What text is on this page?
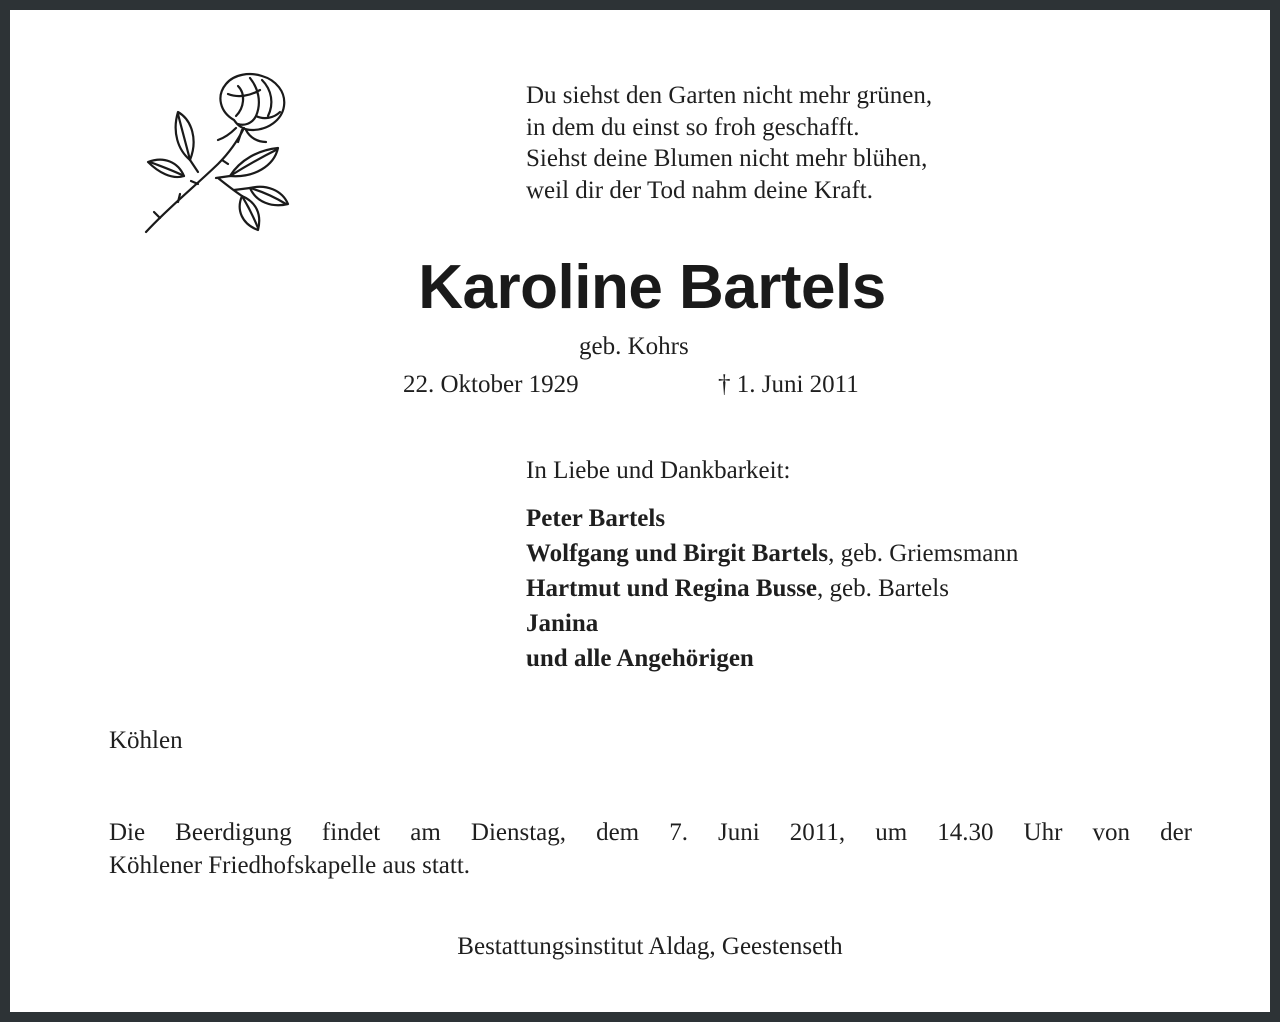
Du siehst den Garten nicht mehr grünen,
in dem du einst so froh geschafft.
Siehst deine Blumen nicht mehr blühen,
weil dir der Tod nahm deine Kraft.
Karoline Bartels
geb. Kohrs
22. Oktober 1929	† 1. Juni 2011
In Liebe und Dankbarkeit:
Peter Bartels
Wolfgang und Birgit Bartels, geb. Griemsmann
Hartmut und Regina Busse, geb. Bartels
Janina
und alle Angehörigen
Köhlen
Die Beerdigung findet am Dienstag, dem 7. Juni 2011, um 14.30 Uhr von der
Köhlener Friedhofskapelle aus statt.
Bestattungsinstitut Aldag, Geestenseth
